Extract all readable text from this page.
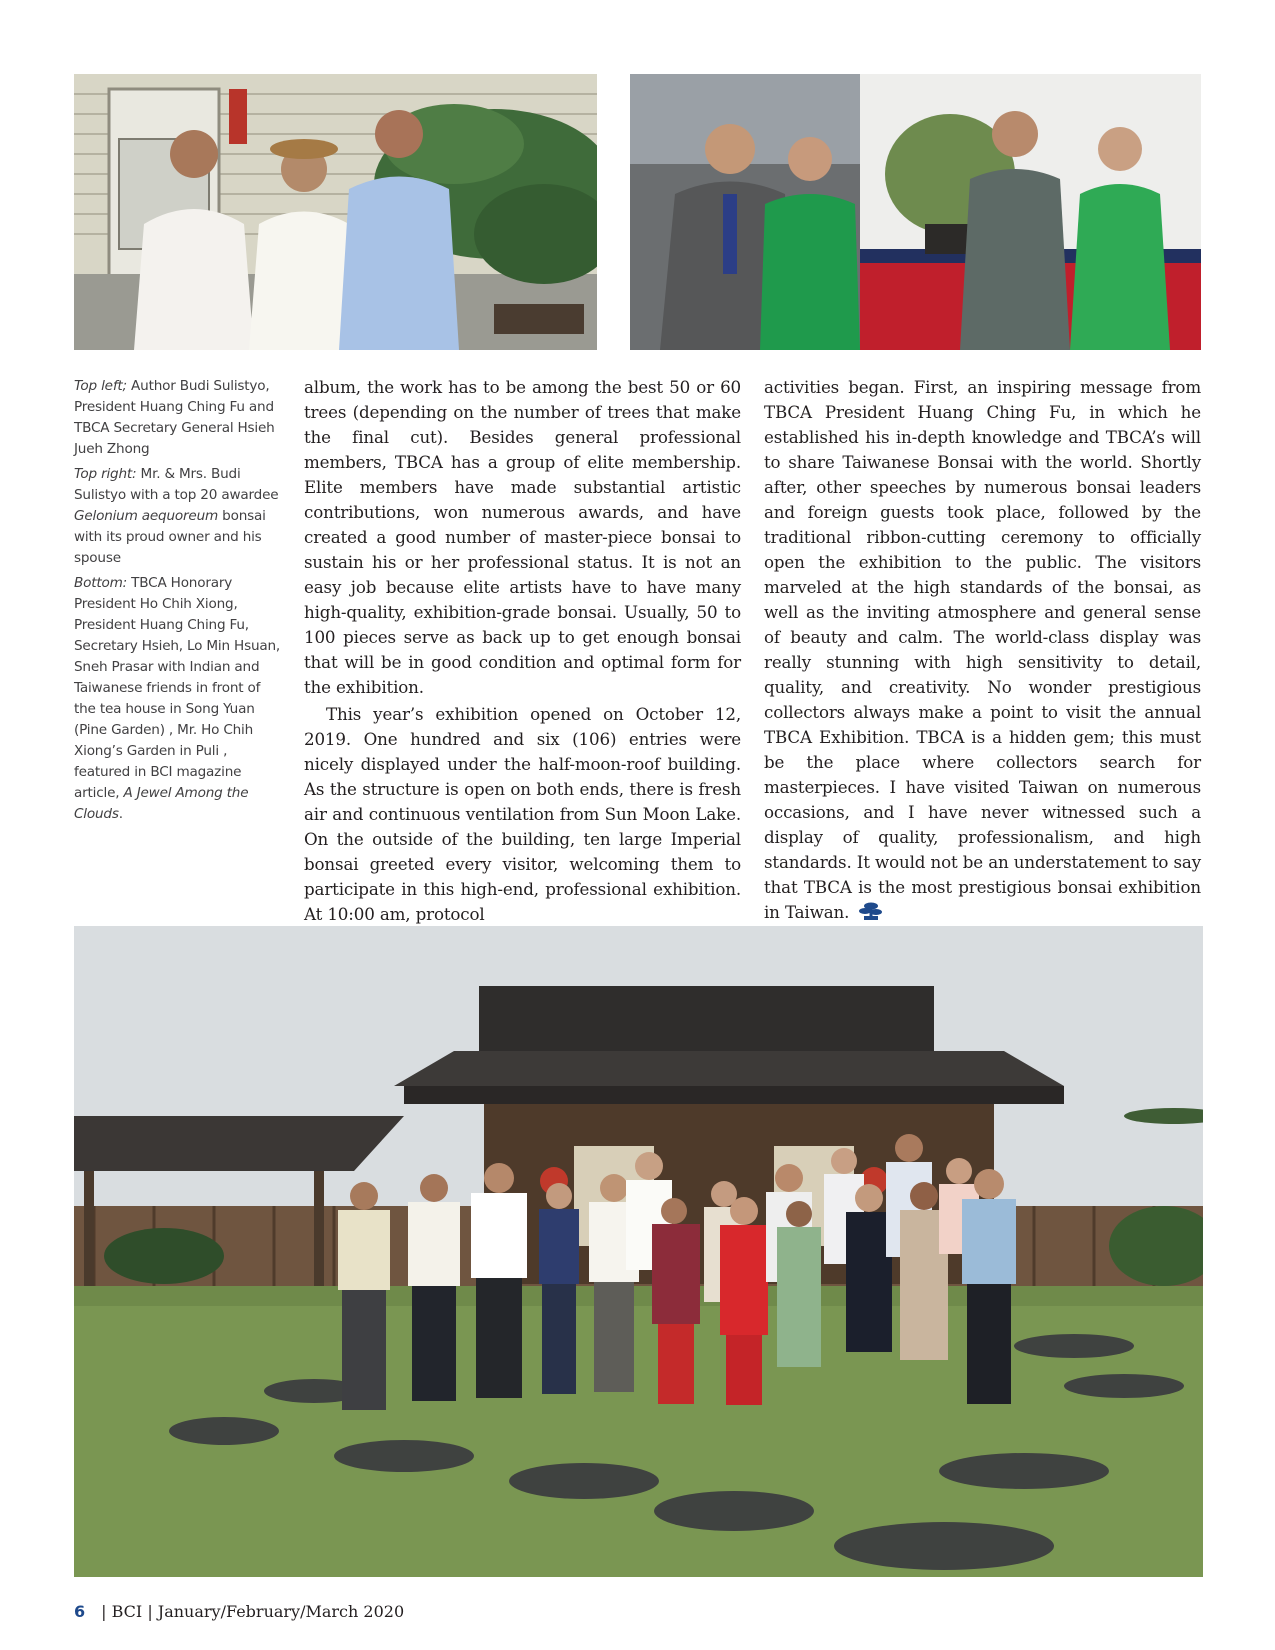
Top left; Author Budi Sulistyo, President Huang Ching Fu and TBCA Secretary General Hsieh Jueh Zhong

Top right: Mr. & Mrs. Budi Sulistyo with a top 20 awardee Gelonium aequoreum bonsai with its proud owner and his spouse

Bottom: TBCA Honorary President Ho Chih Xiong, President Huang Ching Fu, Secretary Hsieh, Lo Min Hsuan, Sneh Prasar with Indian and Taiwanese friends in front of the tea house in Song Yuan (Pine Garden) , Mr. Ho Chih Xiong’s Garden in Puli , featured in BCI magazine article, A Jewel Among the Clouds.

album, the work has to be among the best 50 or 60 trees (depending on the number of trees that make the final cut). Besides general professional members, TBCA has a group of elite membership. Elite members have made substantial artistic contributions, won numerous awards, and have created a good number of master-piece bonsai to sustain his or her professional status. It is not an easy job because elite artists have to have many high-quality, exhibition-grade bonsai. Usually, 50 to 100 pieces serve as back up to get enough bonsai that will be in good condition and optimal form for the exhibition.

This year’s exhibition opened on October 12, 2019. One hundred and six (106) entries were nicely displayed under the half-moon-roof building. As the structure is open on both ends, there is fresh air and continuous ventilation from Sun Moon Lake. On the outside of the building, ten large Imperial bonsai greeted every visitor, welcoming them to participate in this high-end, professional exhibition. At 10:00 am, protocol

activities began. First, an inspiring message from TBCA President Huang Ching Fu, in which he established his in-depth knowledge and TBCA’s will to share Taiwanese Bonsai with the world. Shortly after, other speeches by numerous bonsai leaders and foreign guests took place, followed by the traditional ribbon-cutting ceremony to officially open the exhibition to the public. The visitors marveled at the high standards of the bonsai, as well as the inviting atmosphere and general sense of beauty and calm. The world-class display was really stunning with high sensitivity to detail, quality, and creativity. No wonder prestigious collectors always make a point to visit the annual TBCA Exhibition. TBCA is a hidden gem; this must be the place where collectors search for masterpieces. I have visited Taiwan on numerous occasions, and I have never witnessed such a display of quality, professionalism, and high standards. It would not be an understatement to say that TBCA is the most prestigious bonsai exhibition in Taiwan.

6 | BCI | January/February/March 2020
